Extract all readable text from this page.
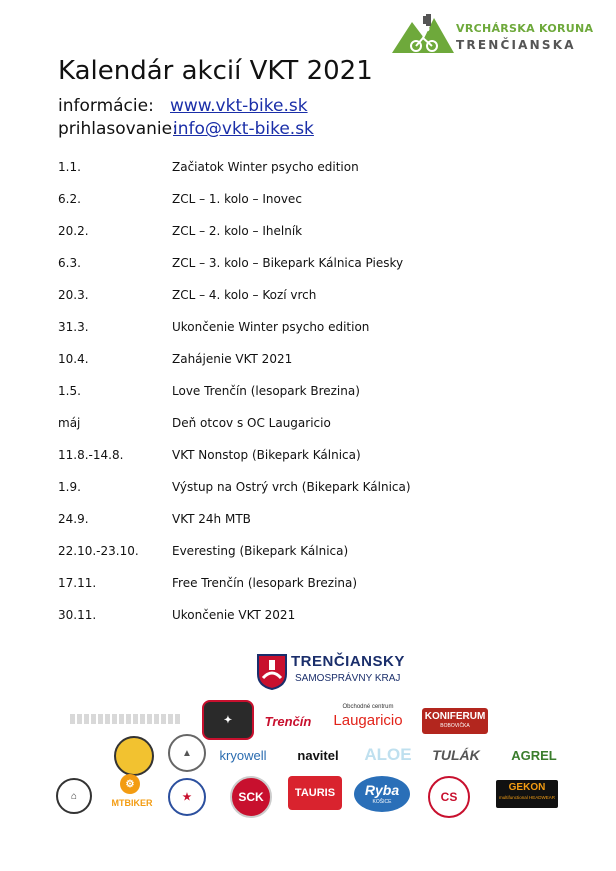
VRCHÁRSKA KORUNA
TRENČIANSKA
Kalendár akcií VKT 2021
informácie: www.vkt-bike.sk
prihlasovanie:
info@vkt-bike.sk
1.1.	Začiatok Winter psycho edition
6.2.	ZCL – 1. kolo – Inovec
20.2.	ZCL – 2. kolo – Ihelník
6.3.	ZCL – 3. kolo – Bikepark Kálnica Piesky
20.3.	ZCL – 4. kolo – Kozí vrch
31.3.	Ukončenie Winter psycho edition
10.4.	Zahájenie VKT 2021
1.5.	Love Trenčín (lesopark Brezina)
máj	Deň otcov s OC Laugaricio
11.8.-14.8.	VKT Nonstop (Bikepark Kálnica)
1.9.	Výstup na Ostrý vrch (Bikepark Kálnica)
24.9.	VKT 24h MTB
22.10.-23.10.	Everesting (Bikepark Kálnica)
17.11.	Free Trenčín (lesopark Brezina)
30.11.	Ukončenie VKT 2021
TRENČIANSKY
SAMOSPRÁVNY KRAJ
✦	Trenčín
Obchodné centrum
Laugaricio	KONIFERUM
BOBOVIČKA
▲	kryowell	navitel	ALOE	TULÁK	AGREL
⌂
⚙
MTBIKER
★	SCK	TAURIS	Ryba
KOŠICE	CS
GEKON
multifunctional HEADWEAR
